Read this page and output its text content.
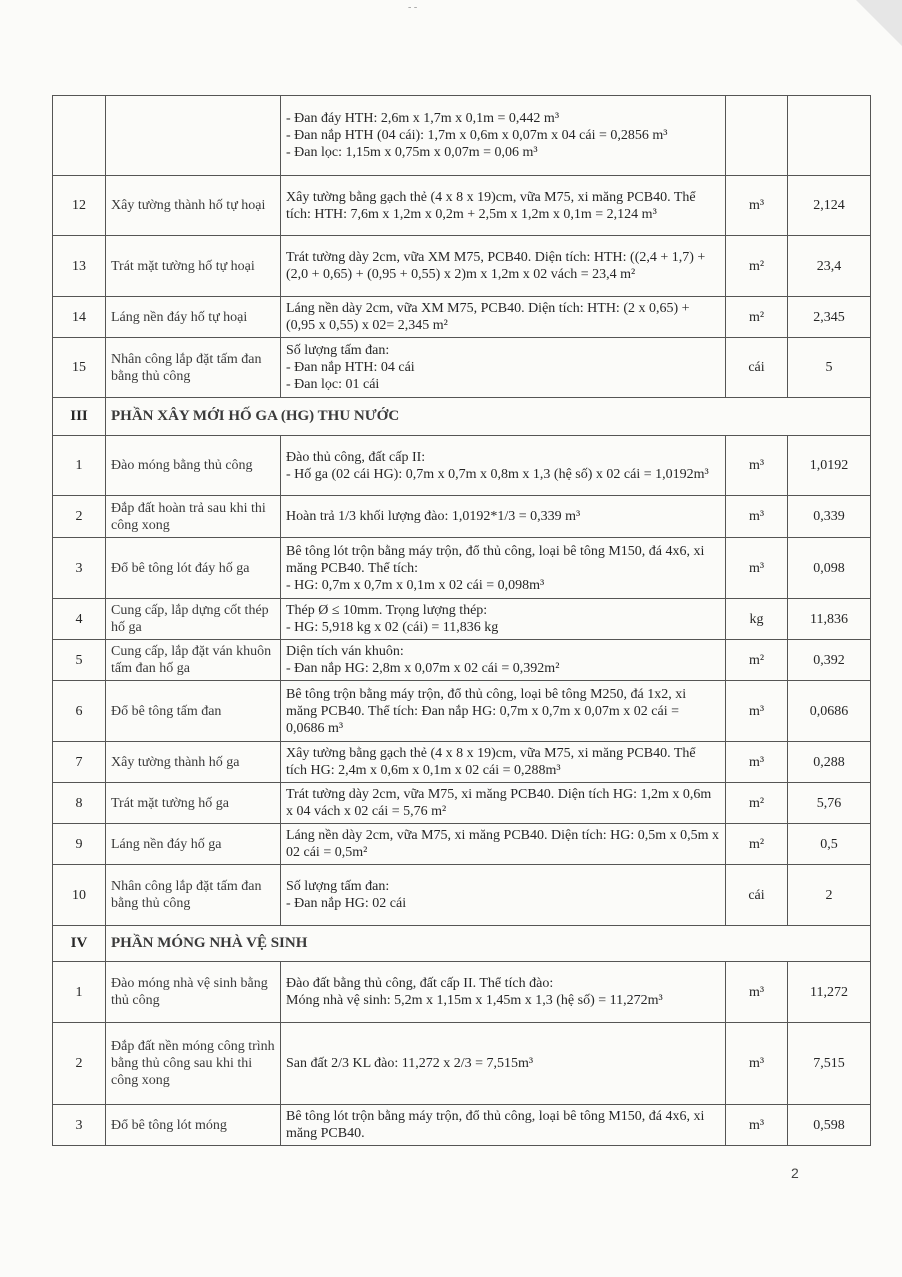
- -

		- Đan đáy HTH: 2,6m x 1,7m x 0,1m = 0,442 m³
- Đan nắp HTH (04 cái): 1,7m x 0,6m x 0,07m x 04 cái = 0,2856 m³
- Đan lọc: 1,15m x 0,75m x 0,07m = 0,06 m³		

12	Xây tường thành hố tự hoại	Xây tường bằng gạch thẻ (4 x 8 x 19)cm, vữa M75, xi măng PCB40. Thể tích: HTH: 7,6m x 1,2m x 0,2m + 2,5m x 1,2m x 0,1m = 2,124 m³	m³	2,124
13	Trát mặt tường hố tự hoại	Trát tường dày 2cm, vữa XM M75, PCB40. Diện tích: HTH: ((2,4 + 1,7) + (2,0 + 0,65) + (0,95 + 0,55) x 2)m x 1,2m x 02 vách = 23,4 m²	m²	23,4
14	Láng nền đáy hố tự hoại	Láng nền dày 2cm, vữa XM M75, PCB40. Diện tích: HTH: (2 x 0,65) + (0,95 x 0,55) x 02= 2,345 m²	m²	2,345
15	Nhân công lắp đặt tấm đan bằng thủ công	Số lượng tấm đan:
- Đan nắp HTH: 04 cái
- Đan lọc: 01 cái	cái	5
III	PHẦN XÂY MỚI HỐ GA (HG) THU NƯỚC			
1	Đào móng bằng thủ công	Đào thủ công, đất cấp II:
- Hố ga (02 cái HG): 0,7m x 0,7m x 0,8m x 1,3 (hệ số) x 02 cái = 1,0192m³	m³	1,0192
2	Đắp đất hoàn trả sau khi thi công xong	Hoàn trả 1/3 khối lượng đào: 1,0192*1/3 = 0,339 m³	m³	0,339
3	Đổ bê tông lót đáy hố ga	Bê tông lót trộn bằng máy trộn, đổ thủ công, loại bê tông M150, đá 4x6, xi măng PCB40. Thể tích:
- HG: 0,7m x 0,7m x 0,1m x 02 cái = 0,098m³	m³	0,098
4	Cung cấp, lắp dựng cốt thép hố ga	Thép Ø ≤ 10mm. Trọng lượng thép:
- HG: 5,918 kg x 02 (cái) = 11,836 kg	kg	11,836
5	Cung cấp, lắp đặt ván khuôn tấm đan hố ga	Diện tích ván khuôn:
- Đan nắp HG: 2,8m x 0,07m x 02 cái = 0,392m²	m²	0,392
6	Đổ bê tông tấm đan	Bê tông trộn bằng máy trộn, đổ thủ công, loại bê tông M250, đá 1x2, xi măng PCB40. Thể tích: Đan nắp HG: 0,7m x 0,7m x 0,07m x 02 cái = 0,0686 m³	m³	0,0686
7	Xây tường thành hố ga	Xây tường bằng gạch thẻ (4 x 8 x 19)cm, vữa M75, xi măng PCB40. Thể tích HG: 2,4m x 0,6m x 0,1m x 02 cái = 0,288m³	m³	0,288
8	Trát mặt tường hố ga	Trát tường dày 2cm, vữa M75, xi măng PCB40. Diện tích HG: 1,2m x 0,6m x 04 vách x 02 cái = 5,76 m²	m²	5,76
9	Láng nền đáy hố ga	Láng nền dày 2cm, vữa M75, xi măng PCB40. Diện tích: HG: 0,5m x 0,5m x 02 cái = 0,5m²	m²	0,5
10	Nhân công lắp đặt tấm đan bằng thủ công	Số lượng tấm đan:
- Đan nắp HG: 02 cái	cái	2
IV	PHẦN MÓNG NHÀ VỆ SINH			
1	Đào móng nhà vệ sinh bằng thủ công	Đào đất bằng thủ công, đất cấp II. Thể tích đào:
Móng nhà vệ sinh: 5,2m x 1,15m x 1,45m x 1,3 (hệ số) = 11,272m³	m³	11,272
2	Đắp đất nền móng công trình bằng thủ công sau khi thi công xong	San đất 2/3 KL đào: 11,272 x 2/3 = 7,515m³	m³	7,515
3	Đổ bê tông lót móng	Bê tông lót trộn bằng máy trộn, đổ thủ công, loại bê tông M150, đá 4x6, xi măng PCB40.	m³	0,598
2
